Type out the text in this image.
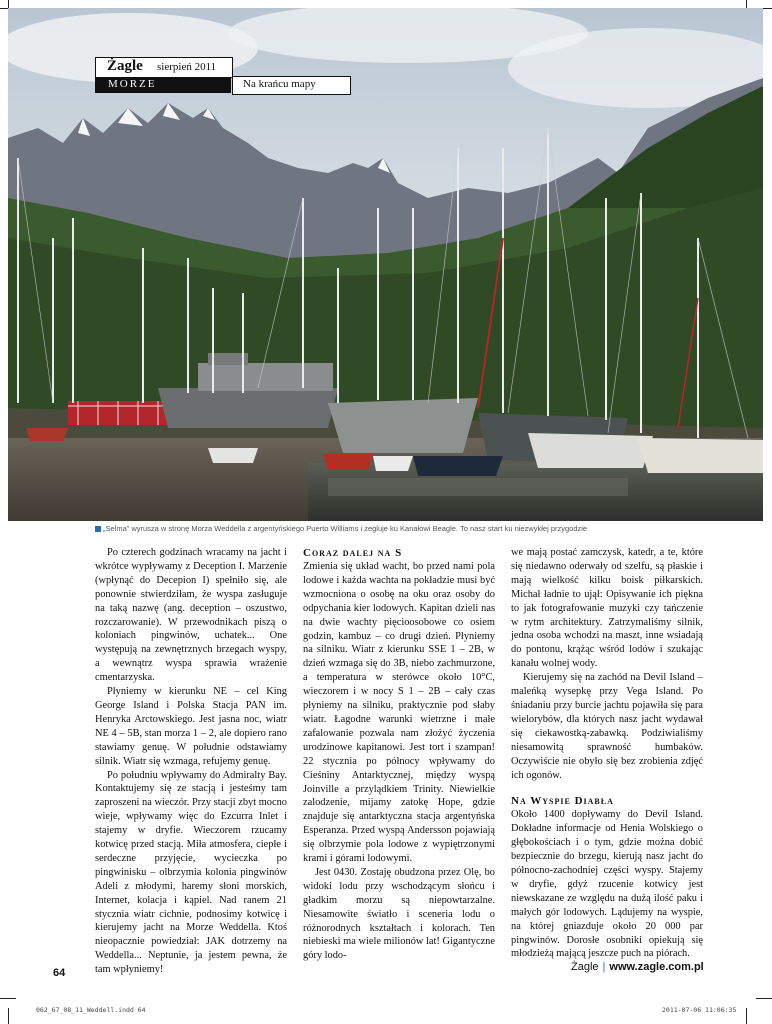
Żagle sierpień 2011
MORZE	Na krańcu mapy
„Selma” wyrusza w stronę Morza Weddella z argentyńskiego Puerto Williams i żegluje ku Kanałowi Beagle. To nasz start ku niezwykłej przygodzie

Po czterech godzinach wracamy na jacht i wkrótce wypływamy z Deception I. Marzenie (wpłynąć do Decepion I) spełniło się, ale ponownie stwierdziłam, że wyspa zasługuje na taką nazwę (ang. deception – oszustwo, rozczarowanie). W przewodnikach piszą o koloniach pingwinów, uchatek... One występują na zewnętrznych brzegach wyspy, a wewnątrz wyspa sprawia wrażenie cmentarzyska.

Płyniemy w kierunku NE – cel King George Island i Polska Stacja PAN im. Henryka Arctowskiego. Jest jasna noc, wiatr NE 4 – 5B, stan morza 1 – 2, ale dopiero rano stawiamy genuę. W południe odstawiamy silnik. Wiatr się wzmaga, refujemy genuę.

Po południu wpływamy do Admiralty Bay. Kontaktujemy się ze stacją i jesteśmy tam zaproszeni na wieczór. Przy stacji zbyt mocno wieje, wpływamy więc do Ezcurra Inlet i stajemy w dryfie. Wieczorem rzucamy kotwicę przed stacją. Miła atmosfera, ciepłe i serdeczne przyjęcie, wycieczka po pingwinisku – olbrzymia kolonia pingwinów Adeli z młodymi, haremy słoni morskich, Internet, kolacja i kąpiel. Nad ranem 21 stycznia wiatr cichnie, podnosimy kotwicę i kierujemy jacht na Morze Weddella. Ktoś nieopacznie powiedział: JAK dotrzemy na Weddella... Neptunie, ja jestem pewna, że tam wpłyniemy!

Coraz dalej na S

Zmienia się układ wacht, bo przed nami pola lodowe i każda wachta na pokładzie musi być wzmocniona o osobę na oku oraz osoby do odpychania kier lodowych. Kapitan dzieli nas na dwie wachty pięcioosobowe co osiem godzin, kambuz – co drugi dzień. Płyniemy na silniku. Wiatr z kierunku SSE 1 – 2B, w dzień wzmaga się do 3B, niebo zachmurzone, a temperatura w sterówce około 10°C, wieczorem i w nocy S 1 – 2B – cały czas płyniemy na silniku, praktycznie pod słaby wiatr. Łagodne warunki wietrzne i małe zafalowanie pozwala nam złożyć życzenia urodzinowe kapitanowi. Jest tort i szampan! 22 stycznia po północy wpływamy do Cieśniny Antarktycznej, między wyspą Joinville a przylądkiem Trinity. Niewielkie zalodzenie, mijamy zatokę Hope, gdzie znajduje się antarktyczna stacja argentyńska Esperanza. Przed wyspą Andersson pojawiają się olbrzymie pola lodowe z wypiętrzonymi krami i górami lodowymi.

Jest 0430. Zostaję obudzona przez Olę, bo widoki lodu przy wschodzącym słońcu i gładkim morzu są niepowtarzalne. Niesamowite światło i sceneria lodu o różnorodnych kształtach i kolorach. Ten niebieski ma wiele milionów lat! Gigantyczne góry lodo-

we mają postać zamczysk, katedr, a te, które się niedawno oderwały od szelfu, są płaskie i mają wielkość kilku boisk piłkarskich. Michał ładnie to ujął: Opisywanie ich piękna to jak fotografowanie muzyki czy tańczenie w rytm architektury. Zatrzymaliśmy silnik, jedna osoba wchodzi na maszt, inne wsiadają do pontonu, krążąc wśród lodów i szukając kanału wolnej wody.

Kierujemy się na zachód na Devil Island – maleńką wysepkę przy Vega Island. Po śniadaniu przy burcie jachtu pojawiła się para wielorybów, dla których nasz jacht wydawał się ciekawostką-zabawką. Podziwialiśmy niesamowitą sprawność humbaków. Oczywiście nie obyło się bez zrobienia zdjęć ich ogonów.

Na Wyspie Diabła

Około 1400 dopływamy do Devil Island. Dokładne informacje od Henia Wolskiego o głębokościach i o tym, gdzie można dobić bezpiecznie do brzegu, kierują nasz jacht do północno-zachodniej części wyspy. Stajemy w dryfie, gdyż rzucenie kotwicy jest niewskazane ze względu na dużą ilość paku i małych gór lodowych. Lądujemy na wyspie, na której gniazduje około 20 000 par pingwinów. Dorosłe osobniki opiekują się młodzieżą mającą jeszcze puch na piórach.

64	Żagle | www.zagle.com.pl
062_67_08_11_Weddell.indd 64	2011-07-06 11:06:35
